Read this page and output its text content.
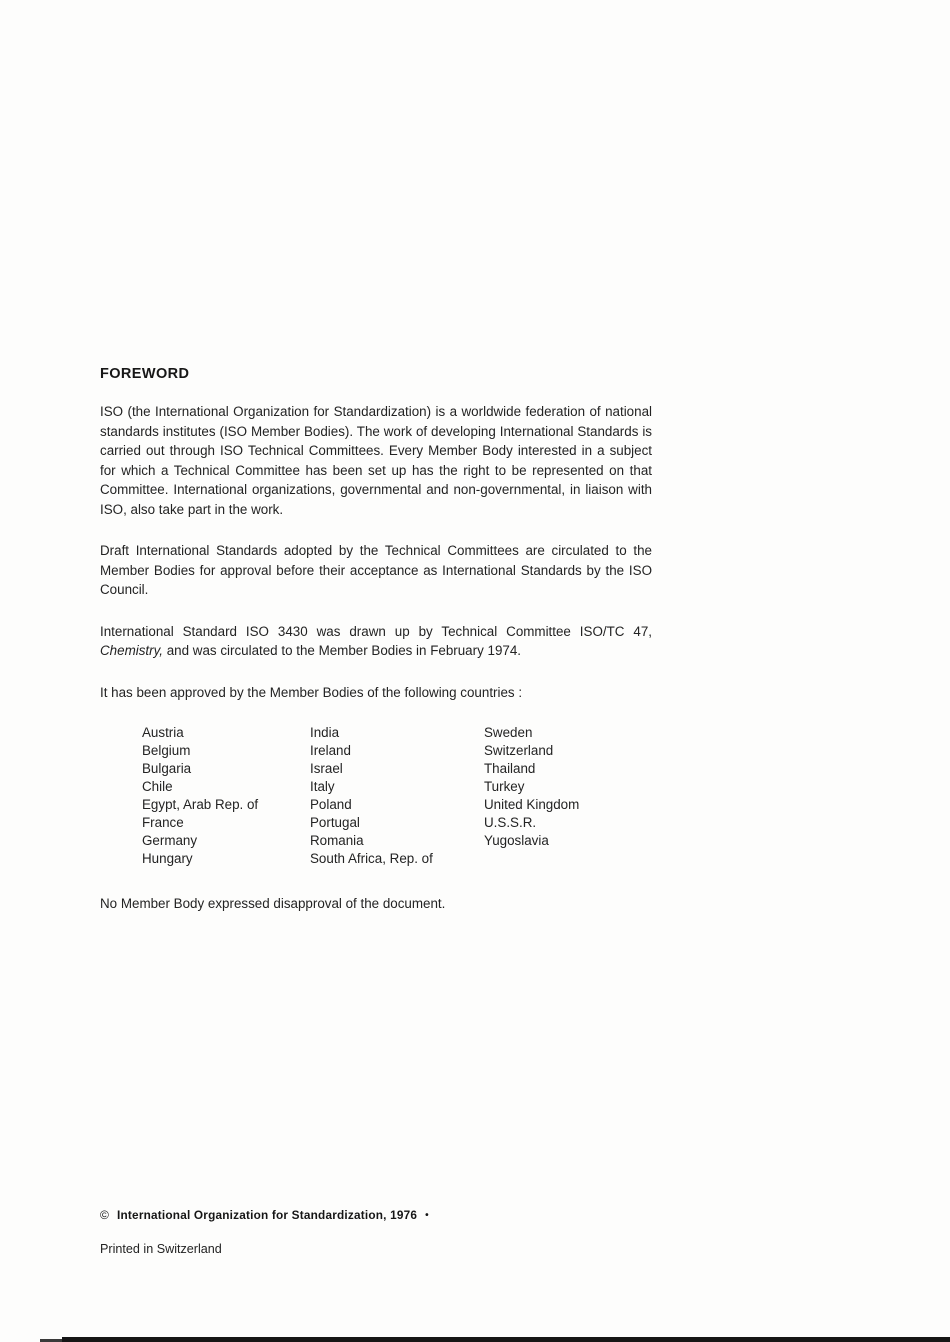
FOREWORD

ISO (the International Organization for Standardization) is a worldwide federation of national standards institutes (ISO Member Bodies). The work of developing International Standards is carried out through ISO Technical Committees. Every Member Body interested in a subject for which a Technical Committee has been set up has the right to be represented on that Committee. International organizations, governmental and non-governmental, in liaison with ISO, also take part in the work.

Draft International Standards adopted by the Technical Committees are circulated to the Member Bodies for approval before their acceptance as International Standards by the ISO Council.

International Standard ISO 3430 was drawn up by Technical Committee ISO/TC 47, Chemistry, and was circulated to the Member Bodies in February 1974.

It has been approved by the Member Bodies of the following countries :

Austria
Belgium
Bulgaria
Chile
Egypt, Arab Rep. of
France
Germany
Hungary
India
Ireland
Israel
Italy
Poland
Portugal
Romania
South Africa, Rep. of
Sweden
Switzerland
Thailand
Turkey
United Kingdom
U.S.S.R.
Yugoslavia

No Member Body expressed disapproval of the document.

© International Organization for Standardization, 1976 •
Printed in Switzerland
